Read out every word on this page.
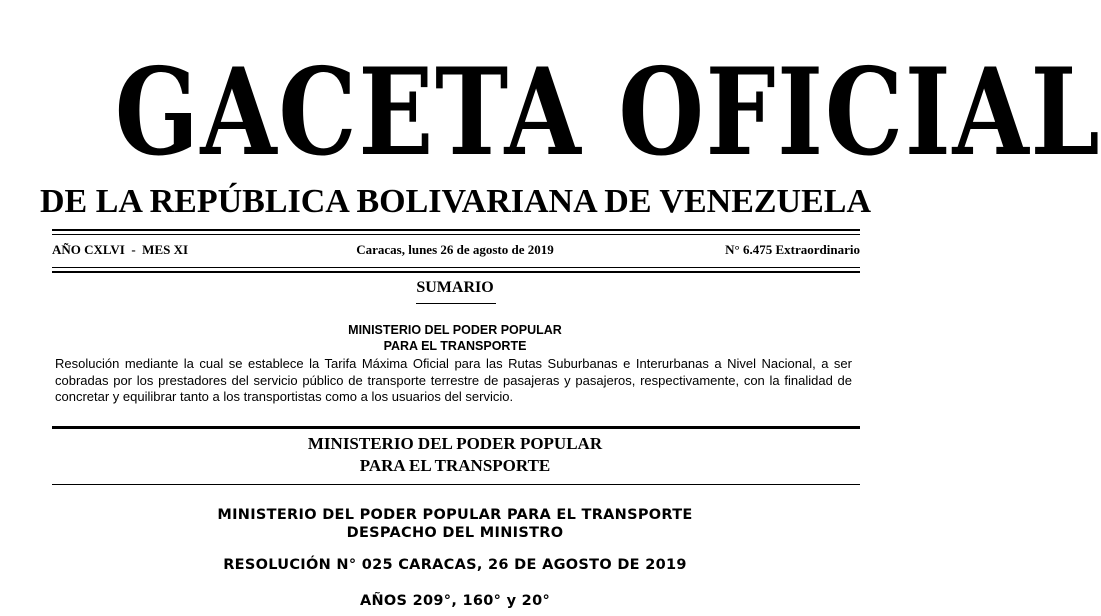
GACETA OFICIAL
DE LA REPÚBLICA BOLIVARIANA DE VENEZUELA
AÑO CXLVI  -  MES XI	Caracas, lunes 26 de agosto de 2019	N° 6.475 Extraordinario
SUMARIO
MINISTERIO DEL PODER POPULAR
PARA EL TRANSPORTE

Resolución mediante la cual se establece la Tarifa Máxima Oficial para las Rutas Suburbanas e Interurbanas a Nivel Nacional, a ser cobradas por los prestadores del servicio público de transporte terrestre de pasajeras y pasajeros, respectivamente, con la finalidad de concretar y equilibrar tanto a los transportistas como a los usuarios del servicio.

MINISTERIO DEL PODER POPULAR
PARA EL TRANSPORTE
MINISTERIO DEL PODER POPULAR PARA EL TRANSPORTE
DESPACHO DEL MINISTRO
RESOLUCIÓN N° 025 CARACAS, 26 DE AGOSTO DE 2019
AÑOS 209°, 160° y 20°
